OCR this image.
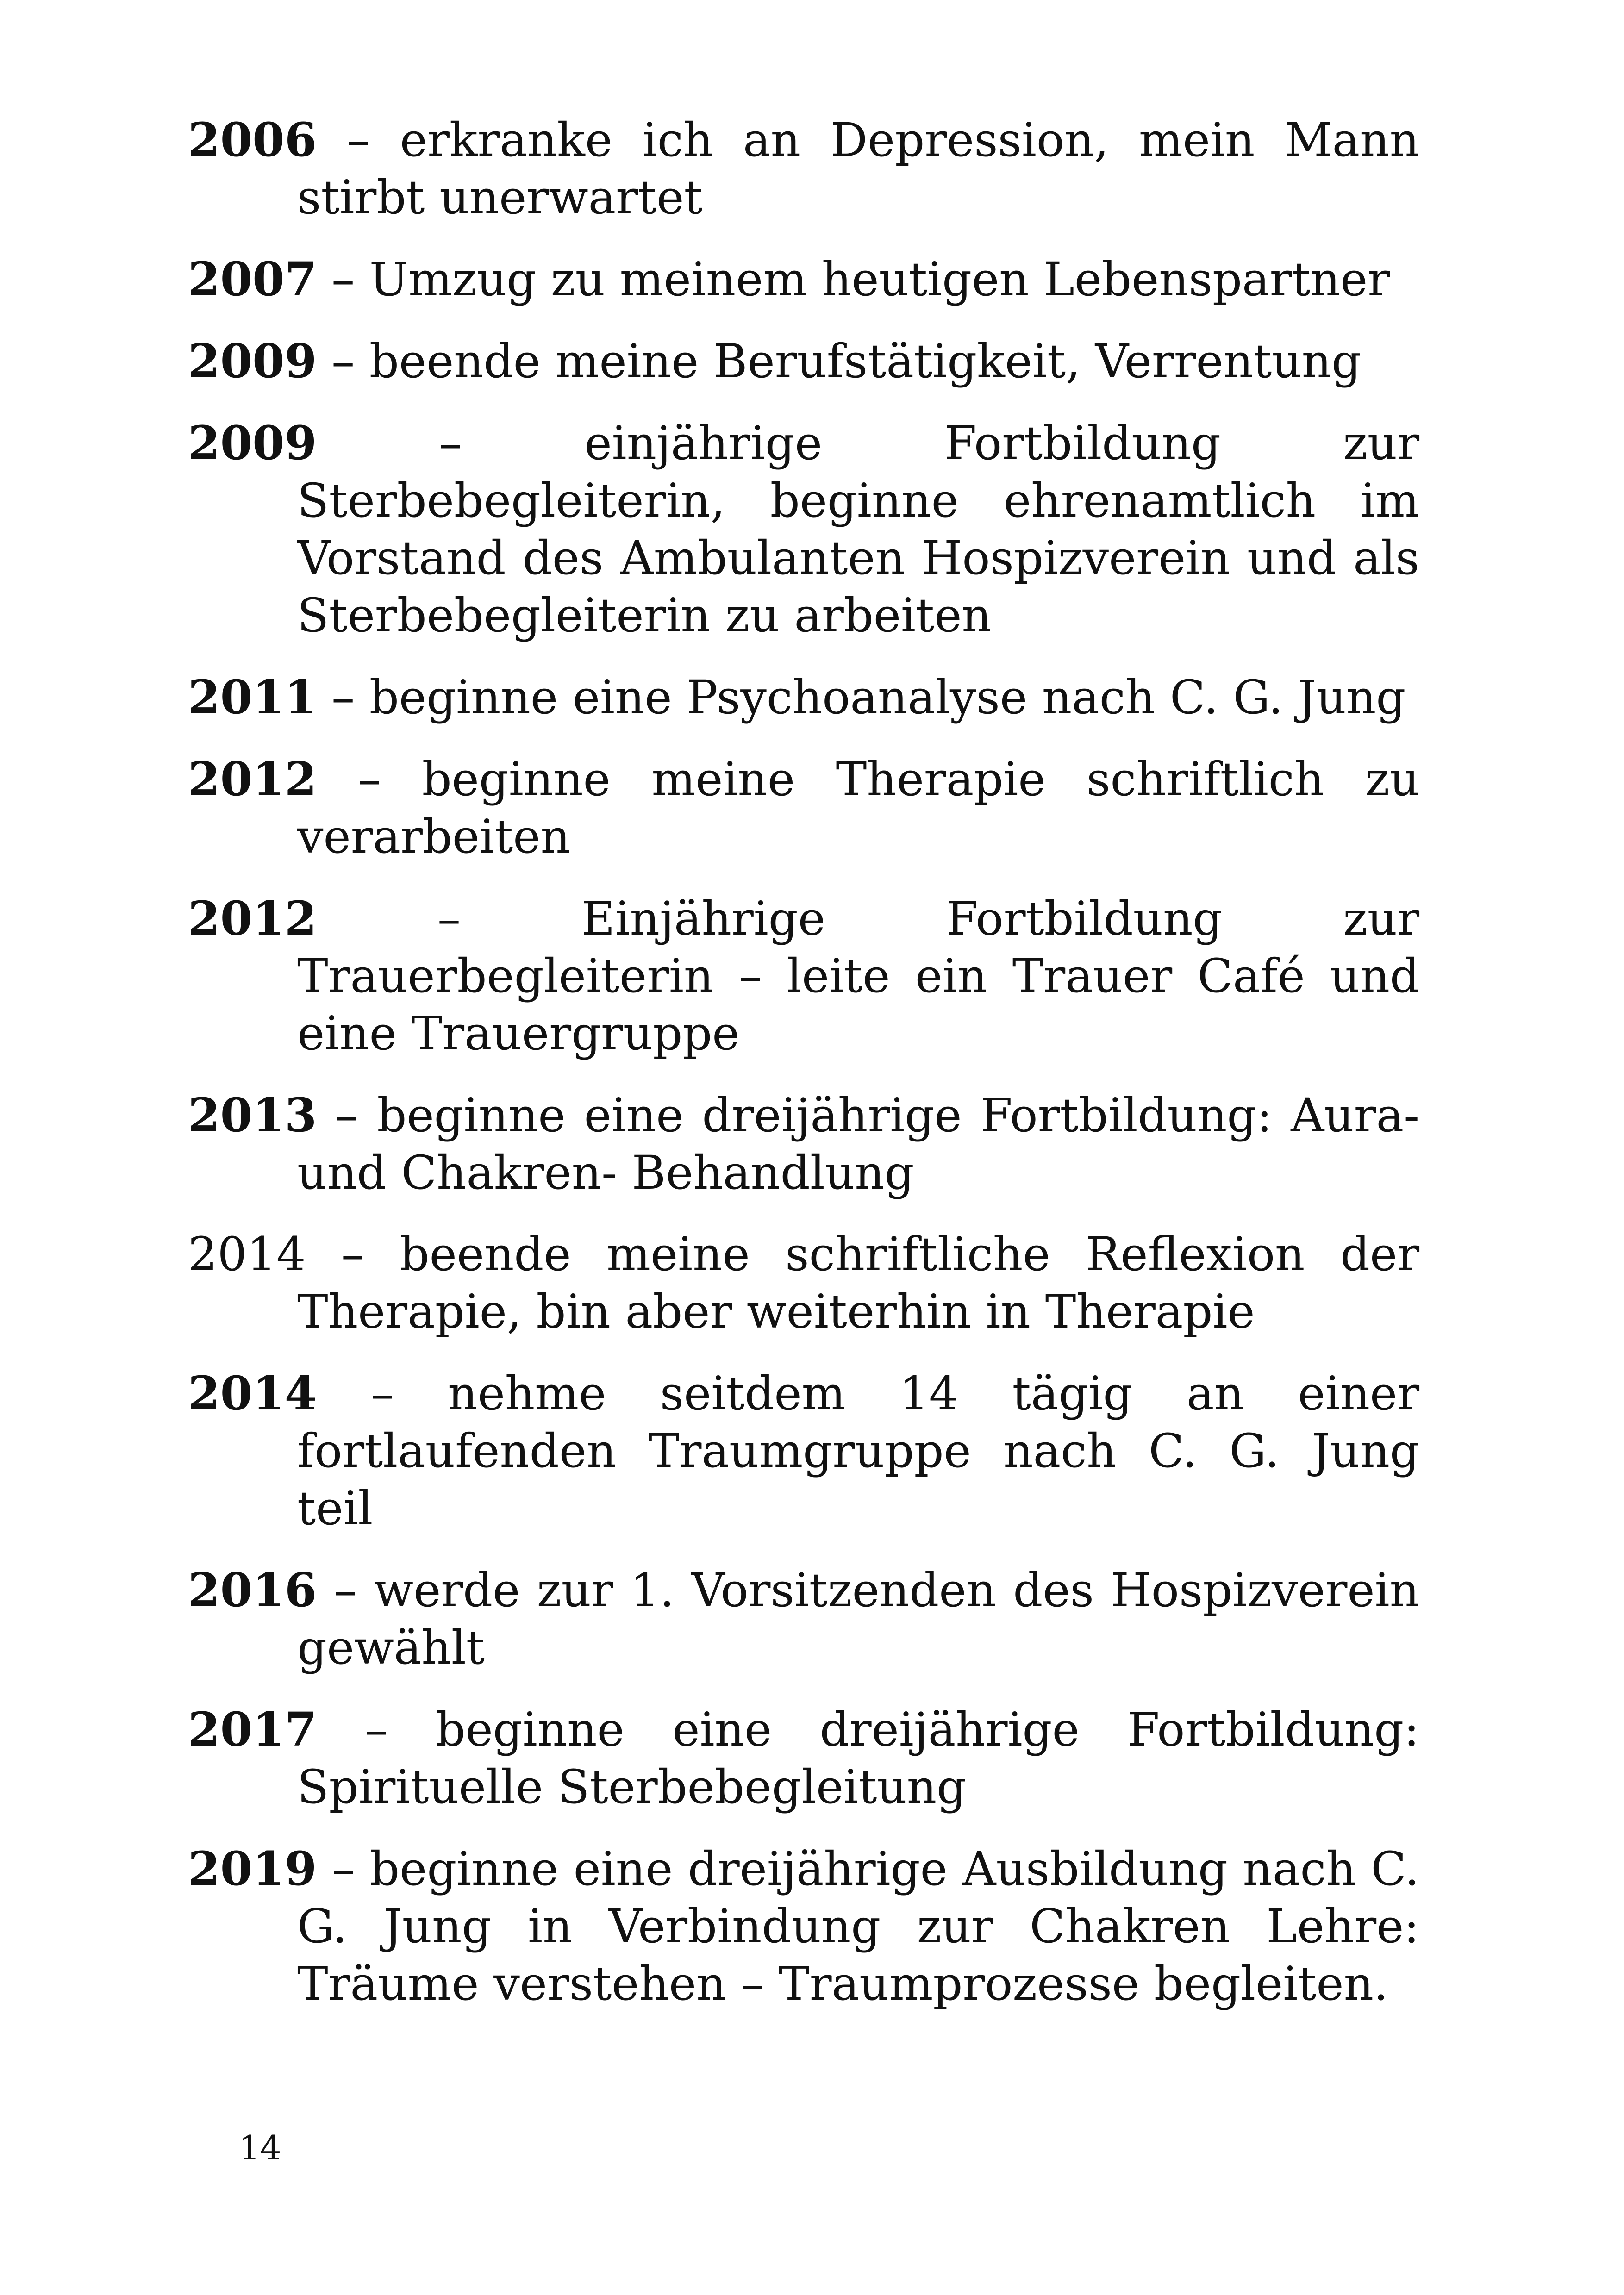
2006 – erkranke ich an Depression, mein Mann stirbt unerwartet
2007 – Umzug zu meinem heutigen Lebenspartner
2009 – beende meine Berufstätigkeit, Verrentung
2009 – einjährige Fortbildung zur Sterbebegleiterin, beginne ehrenamtlich im Vorstand des Ambulanten Hospizverein und als Sterbebegleiterin zu arbeiten
2011 – beginne eine Psychoanalyse nach C. G. Jung
2012 – beginne meine Therapie schriftlich zu verarbeiten
2012 – Einjährige Fortbildung zur Trauerbegleiterin – leite ein Trauer Café und eine Trauergruppe
2013 – beginne eine dreijährige Fortbildung: Aura- und Chakren- Behandlung
2014 – beende meine schriftliche Reflexion der Therapie, bin aber weiterhin in Therapie
2014 – nehme seitdem 14 tägig an einer fortlaufenden Traumgruppe nach C. G. Jung teil
2016 – werde zur 1. Vorsitzenden des Hospizverein gewählt
2017 – beginne eine dreijährige Fortbildung: Spirituelle Sterbebegleitung
2019 – beginne eine dreijährige Ausbildung nach C. G. Jung in Verbindung zur Chakren Lehre: Träume verstehen – Traumprozesse begleiten.
14
